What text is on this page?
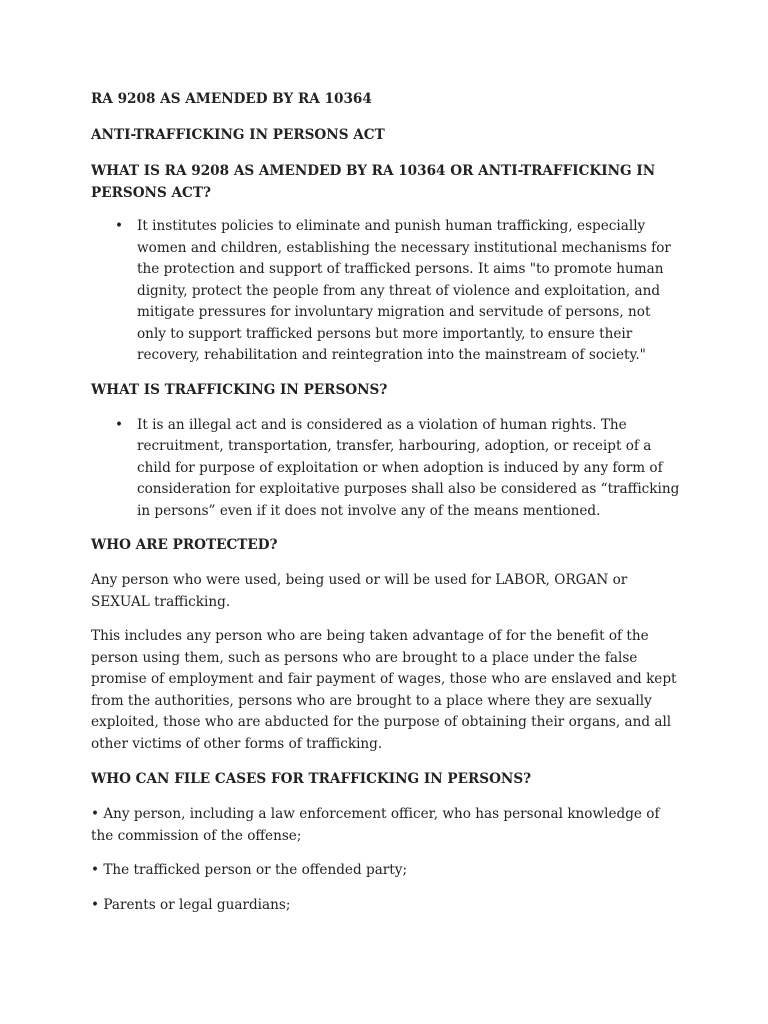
RA 9208 AS AMENDED BY RA 10364
ANTI-TRAFFICKING IN PERSONS ACT
WHAT IS RA 9208 AS AMENDED BY RA 10364 OR ANTI-TRAFFICKING IN PERSONS ACT?
• It institutes policies to eliminate and punish human trafficking, especially women and children, establishing the necessary institutional mechanisms for the protection and support of trafficked persons. It aims "to promote human dignity, protect the people from any threat of violence and exploitation, and mitigate pressures for involuntary migration and servitude of persons, not only to support trafficked persons but more importantly, to ensure their recovery, rehabilitation and reintegration into the mainstream of society."
WHAT IS TRAFFICKING IN PERSONS?
• It is an illegal act and is considered as a violation of human rights. The recruitment, transportation, transfer, harbouring, adoption, or receipt of a child for purpose of exploitation or when adoption is induced by any form of consideration for exploitative purposes shall also be considered as “trafficking in persons” even if it does not involve any of the means mentioned.
WHO ARE PROTECTED?

Any person who were used, being used or will be used for LABOR, ORGAN or SEXUAL trafficking.

This includes any person who are being taken advantage of for the benefit of the person using them, such as persons who are brought to a place under the false promise of employment and fair payment of wages, those who are enslaved and kept from the authorities, persons who are brought to a place where they are sexually exploited, those who are abducted for the purpose of obtaining their organs, and all other victims of other forms of trafficking.

WHO CAN FILE CASES FOR TRAFFICKING IN PERSONS?

• Any person, including a law enforcement officer, who has personal knowledge of the commission of the offense;

• The trafficked person or the offended party;

• Parents or legal guardians;
